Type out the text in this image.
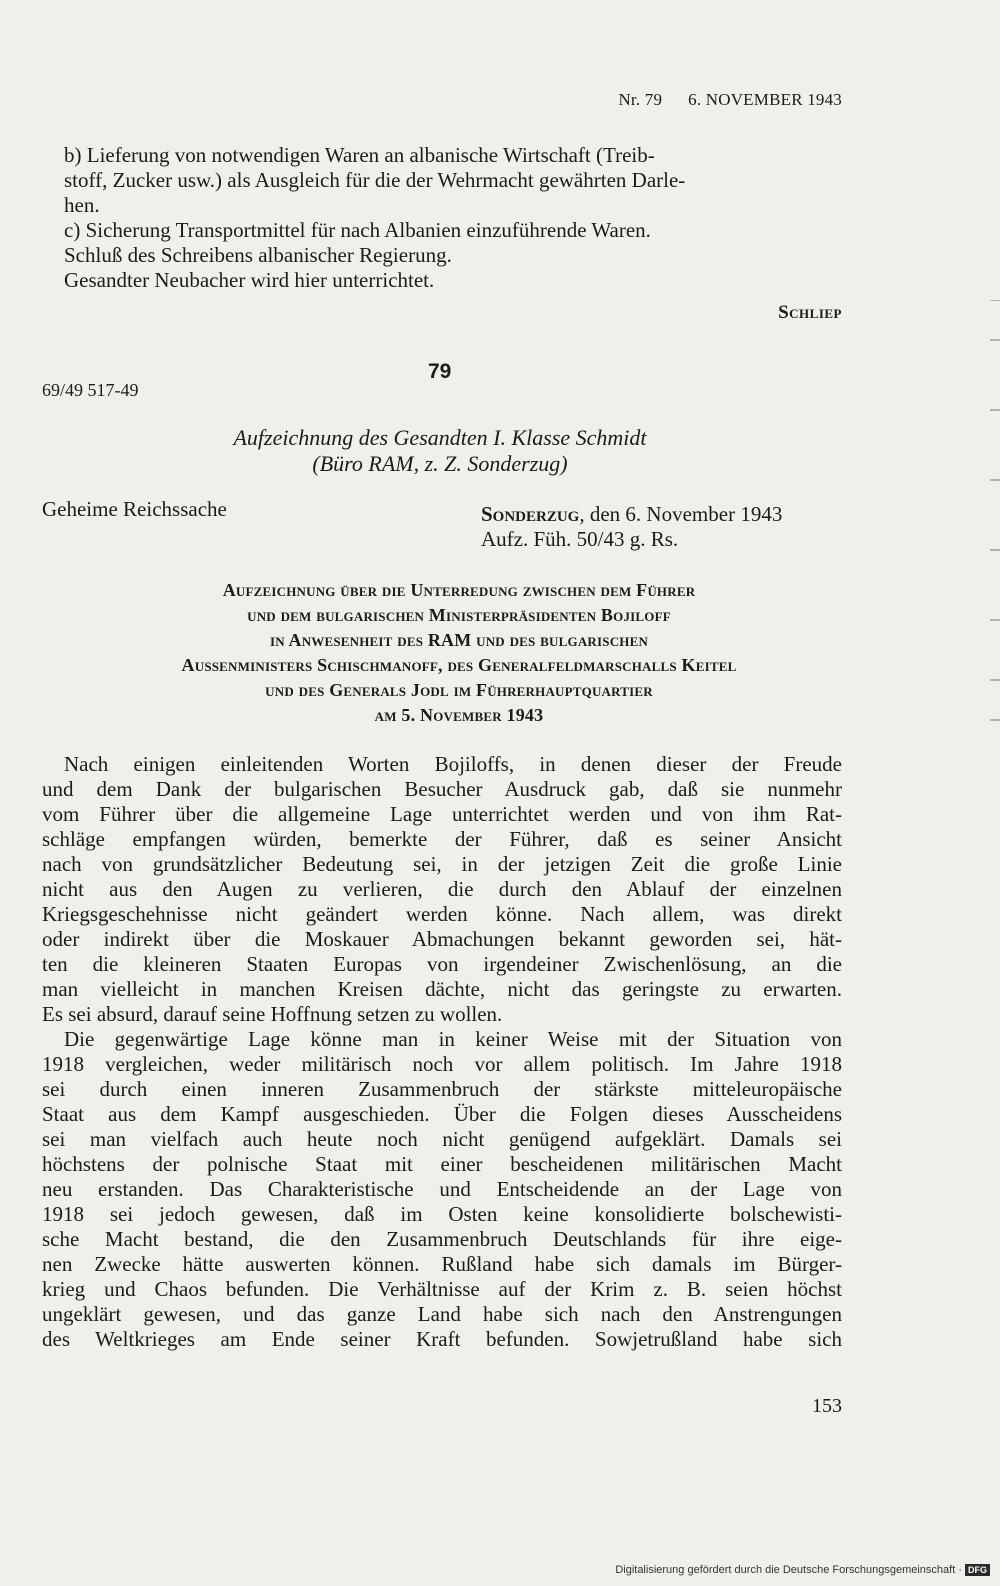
Nr. 79 6. NOVEMBER 1943
b) Lieferung von notwendigen Waren an albanische Wirtschaft (Treib-
stoff, Zucker usw.) als Ausgleich für die der Wehrmacht gewährten Darle-
hen.
c) Sicherung Transportmittel für nach Albanien einzuführende Waren.
Schluß des Schreibens albanischer Regierung.
Gesandter Neubacher wird hier unterrichtet.
Schliep
79
69/49 517-49
Aufzeichnung des Gesandten I. Klasse Schmidt
(Büro RAM, z. Z. Sonderzug)
Geheime Reichssache	Sonderzug, den 6. November 1943
Aufz. Füh. 50/43 g. Rs.
Aufzeichnung über die Unterredung zwischen dem Führer
und dem bulgarischen Ministerpräsidenten Bojiloff
in Anwesenheit des RAM und des bulgarischen
Aussenministers Schischmanoff, des Generalfeldmarschalls Keitel
und des Generals Jodl im Führerhauptquartier
am 5. November 1943
Nach einigen einleitenden Worten Bojiloffs, in denen dieser der Freude
und dem Dank der bulgarischen Besucher Ausdruck gab, daß sie nunmehr
vom Führer über die allgemeine Lage unterrichtet werden und von ihm Rat-
schläge empfangen würden, bemerkte der Führer, daß es seiner Ansicht
nach von grundsätzlicher Bedeutung sei, in der jetzigen Zeit die große Linie
nicht aus den Augen zu verlieren, die durch den Ablauf der einzelnen
Kriegsgeschehnisse nicht geändert werden könne. Nach allem, was direkt
oder indirekt über die Moskauer Abmachungen bekannt geworden sei, hät-
ten die kleineren Staaten Europas von irgendeiner Zwischenlösung, an die
man vielleicht in manchen Kreisen dächte, nicht das geringste zu erwarten.
Es sei absurd, darauf seine Hoffnung setzen zu wollen.
Die gegenwärtige Lage könne man in keiner Weise mit der Situation von
1918 vergleichen, weder militärisch noch vor allem politisch. Im Jahre 1918
sei durch einen inneren Zusammenbruch der stärkste mitteleuropäische
Staat aus dem Kampf ausgeschieden. Über die Folgen dieses Ausscheidens
sei man vielfach auch heute noch nicht genügend aufgeklärt. Damals sei
höchstens der polnische Staat mit einer bescheidenen militärischen Macht
neu erstanden. Das Charakteristische und Entscheidende an der Lage von
1918 sei jedoch gewesen, daß im Osten keine konsolidierte bolschewisti-
sche Macht bestand, die den Zusammenbruch Deutschlands für ihre eige-
nen Zwecke hätte auswerten können. Rußland habe sich damals im Bürger-
krieg und Chaos befunden. Die Verhältnisse auf der Krim z. B. seien höchst
ungeklärt gewesen, und das ganze Land habe sich nach den Anstrengungen
des Weltkrieges am Ende seiner Kraft befunden. Sowjetrußland habe sich
153
Digitalisierung gefördert durch die Deutsche Forschungsgemeinschaft · DFG
